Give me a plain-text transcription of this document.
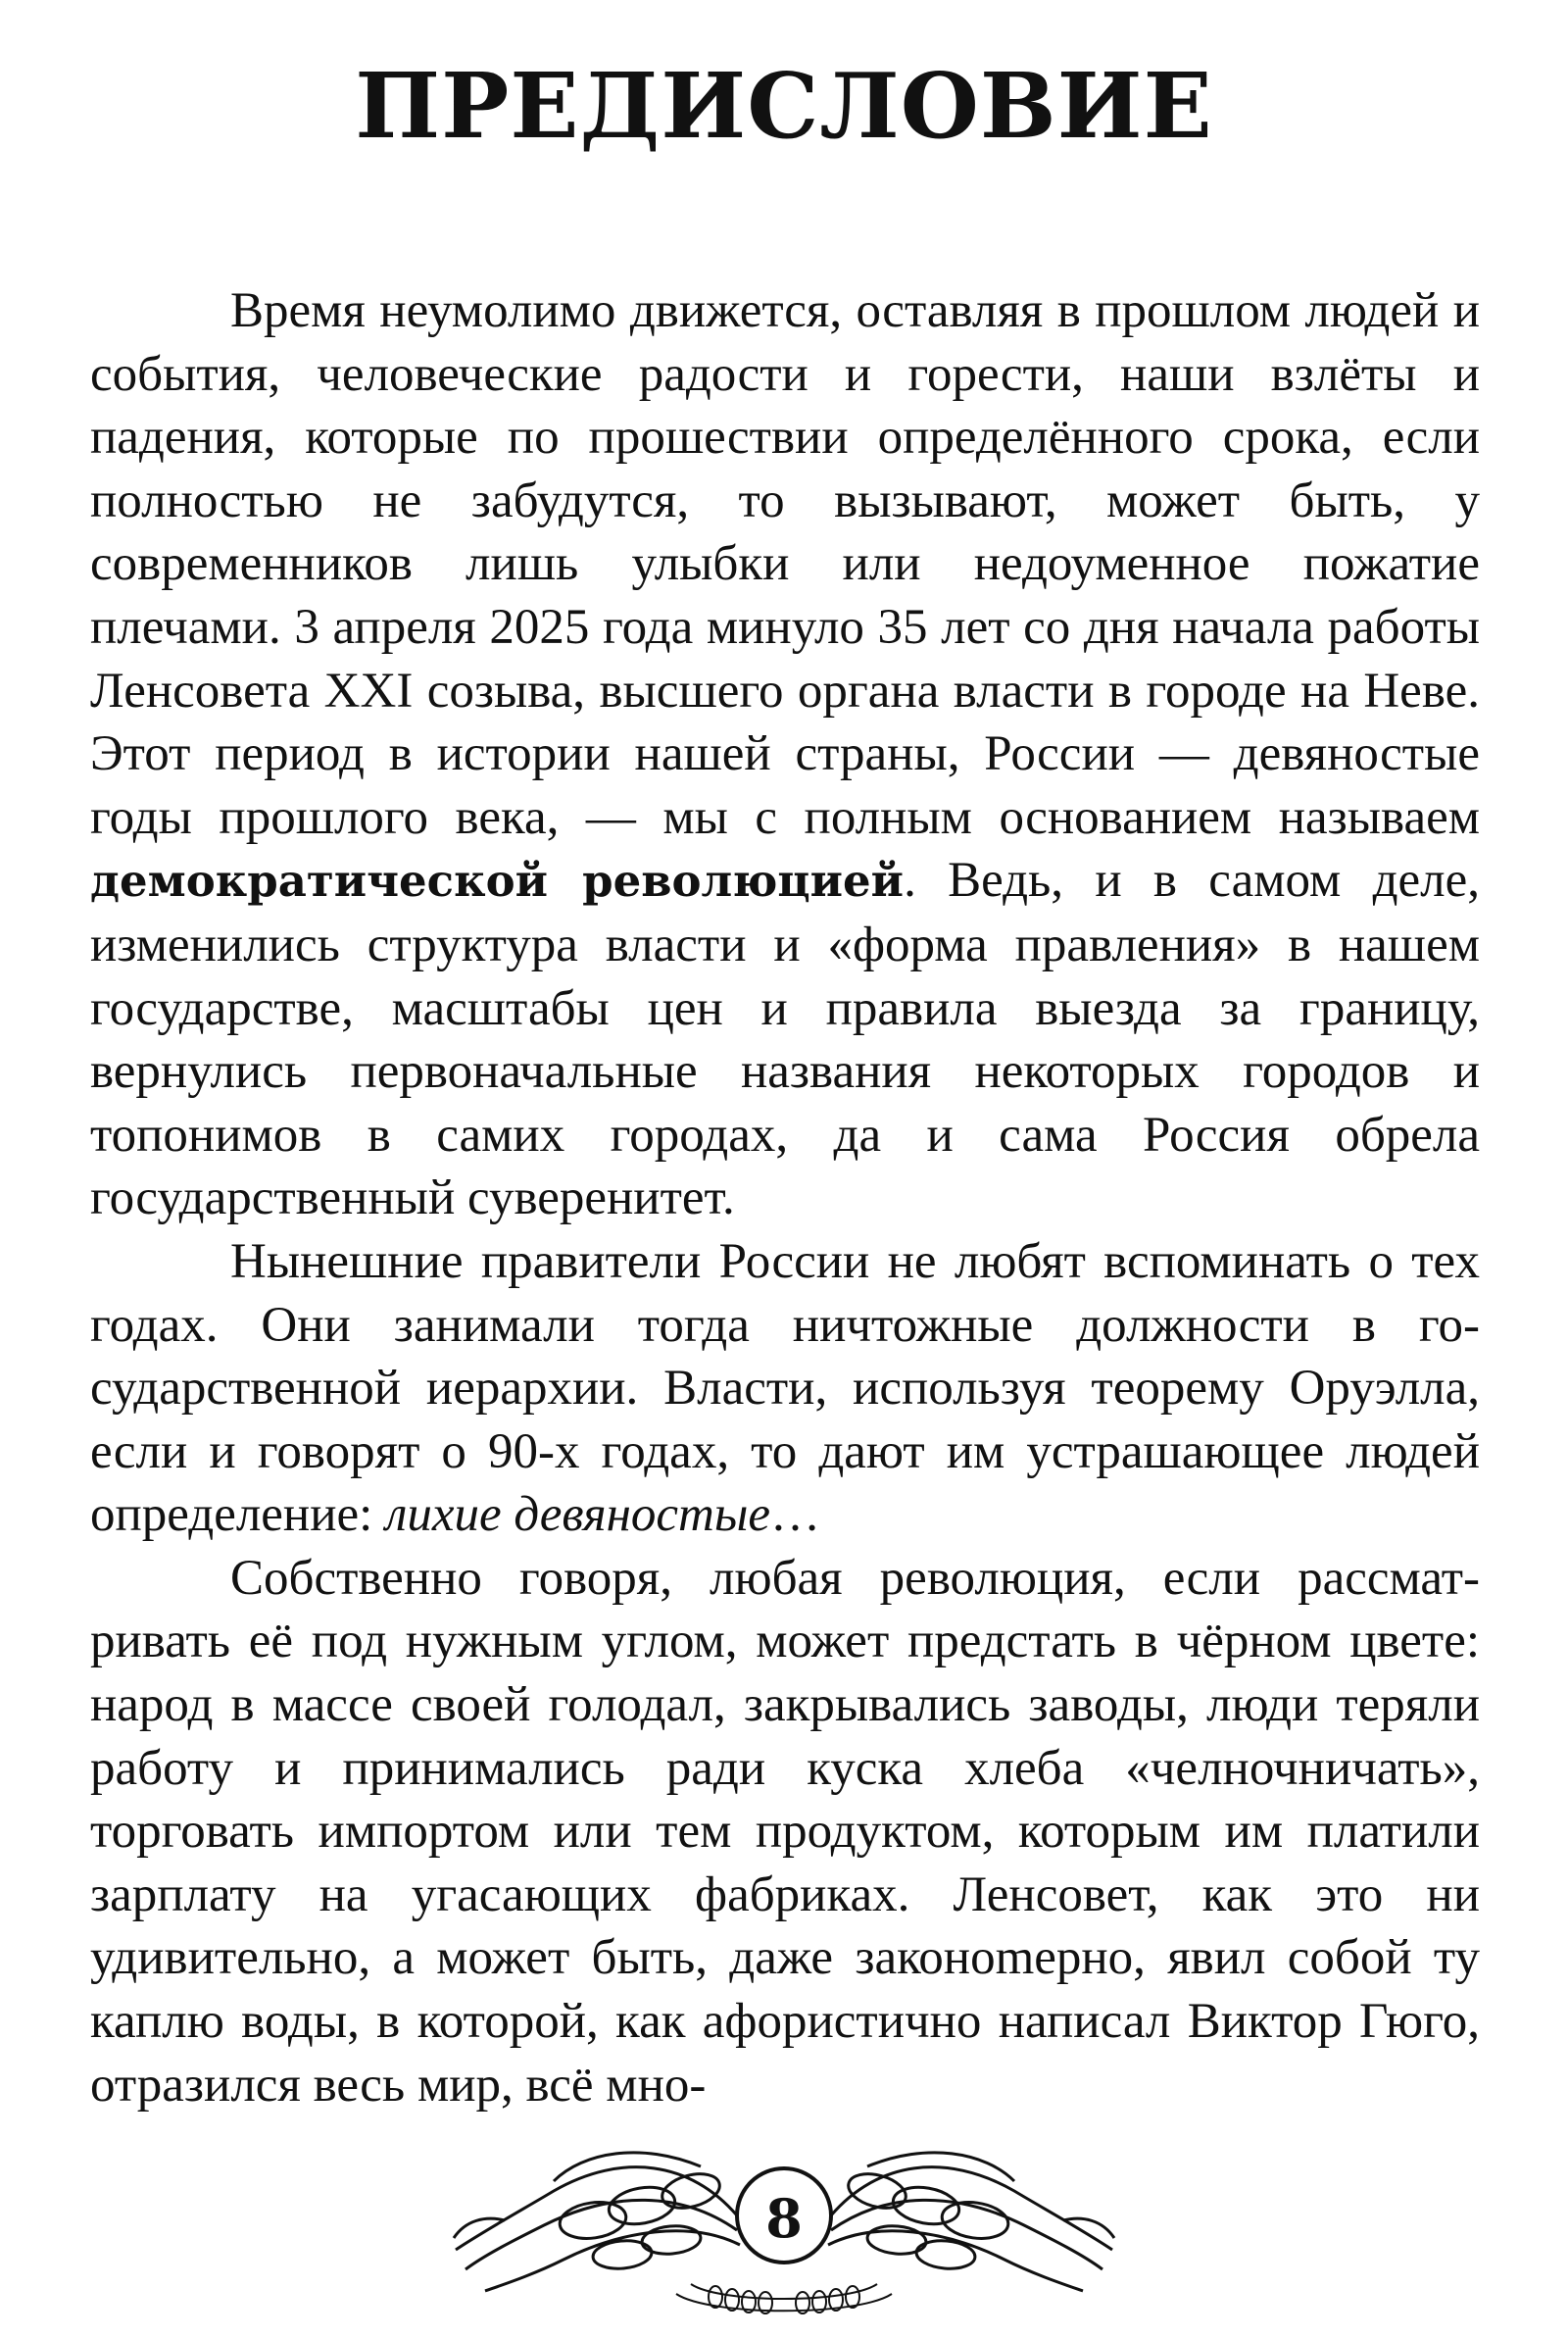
ПРЕДИСЛОВИЕ

Время неумолимо движется, оставляя в прошлом людей и события, человеческие радости и горести, наши взлёты и падения, которые по прошествии определённого срока, если полностью не забудутся, то вызывают, может быть, у современников лишь улыбки или недоуменное пожатие плечами. 3 апреля 2025 года минуло 35 лет со дня начала работы Ленсовета XXI созыва, высшего органа власти в городе на Неве. Этот период в истории нашей страны, России — девяностые годы прошлого века, — мы с полным основанием называем демократической революцией. Ведь, и в самом деле, изменились структура власти и «форма правления» в нашем государстве, масштабы цен и правила выезда за границу, вернулись первоначальные названия некоторых городов и топонимов в самих городах, да и сама Россия обрела государственный суверенитет.

Нынешние правители России не любят вспоминать о тех годах. Они занимали тогда ничтожные должности в государственной иерархии. Власти, используя теорему Оруэлла, если и говорят о 90-х годах, то дают им устрашающее людей определение: лихие девяностые…

Собственно говоря, любая революция, если рассматривать её под нужным углом, может предстать в чёрном цвете: народ в массе своей голодал, закрывались заводы, люди теряли работу и принимались ради куска хлеба «челночничать», торговать импортом или тем продуктом, которым им платили зарплату на угасающих фабриках. Ленсовет, как это ни удивительно, а может быть, даже законоmерно, явил собой ту каплю воды, в которой, как афористично написал Виктор Гюго, отразился весь мир, всё мно-

8
